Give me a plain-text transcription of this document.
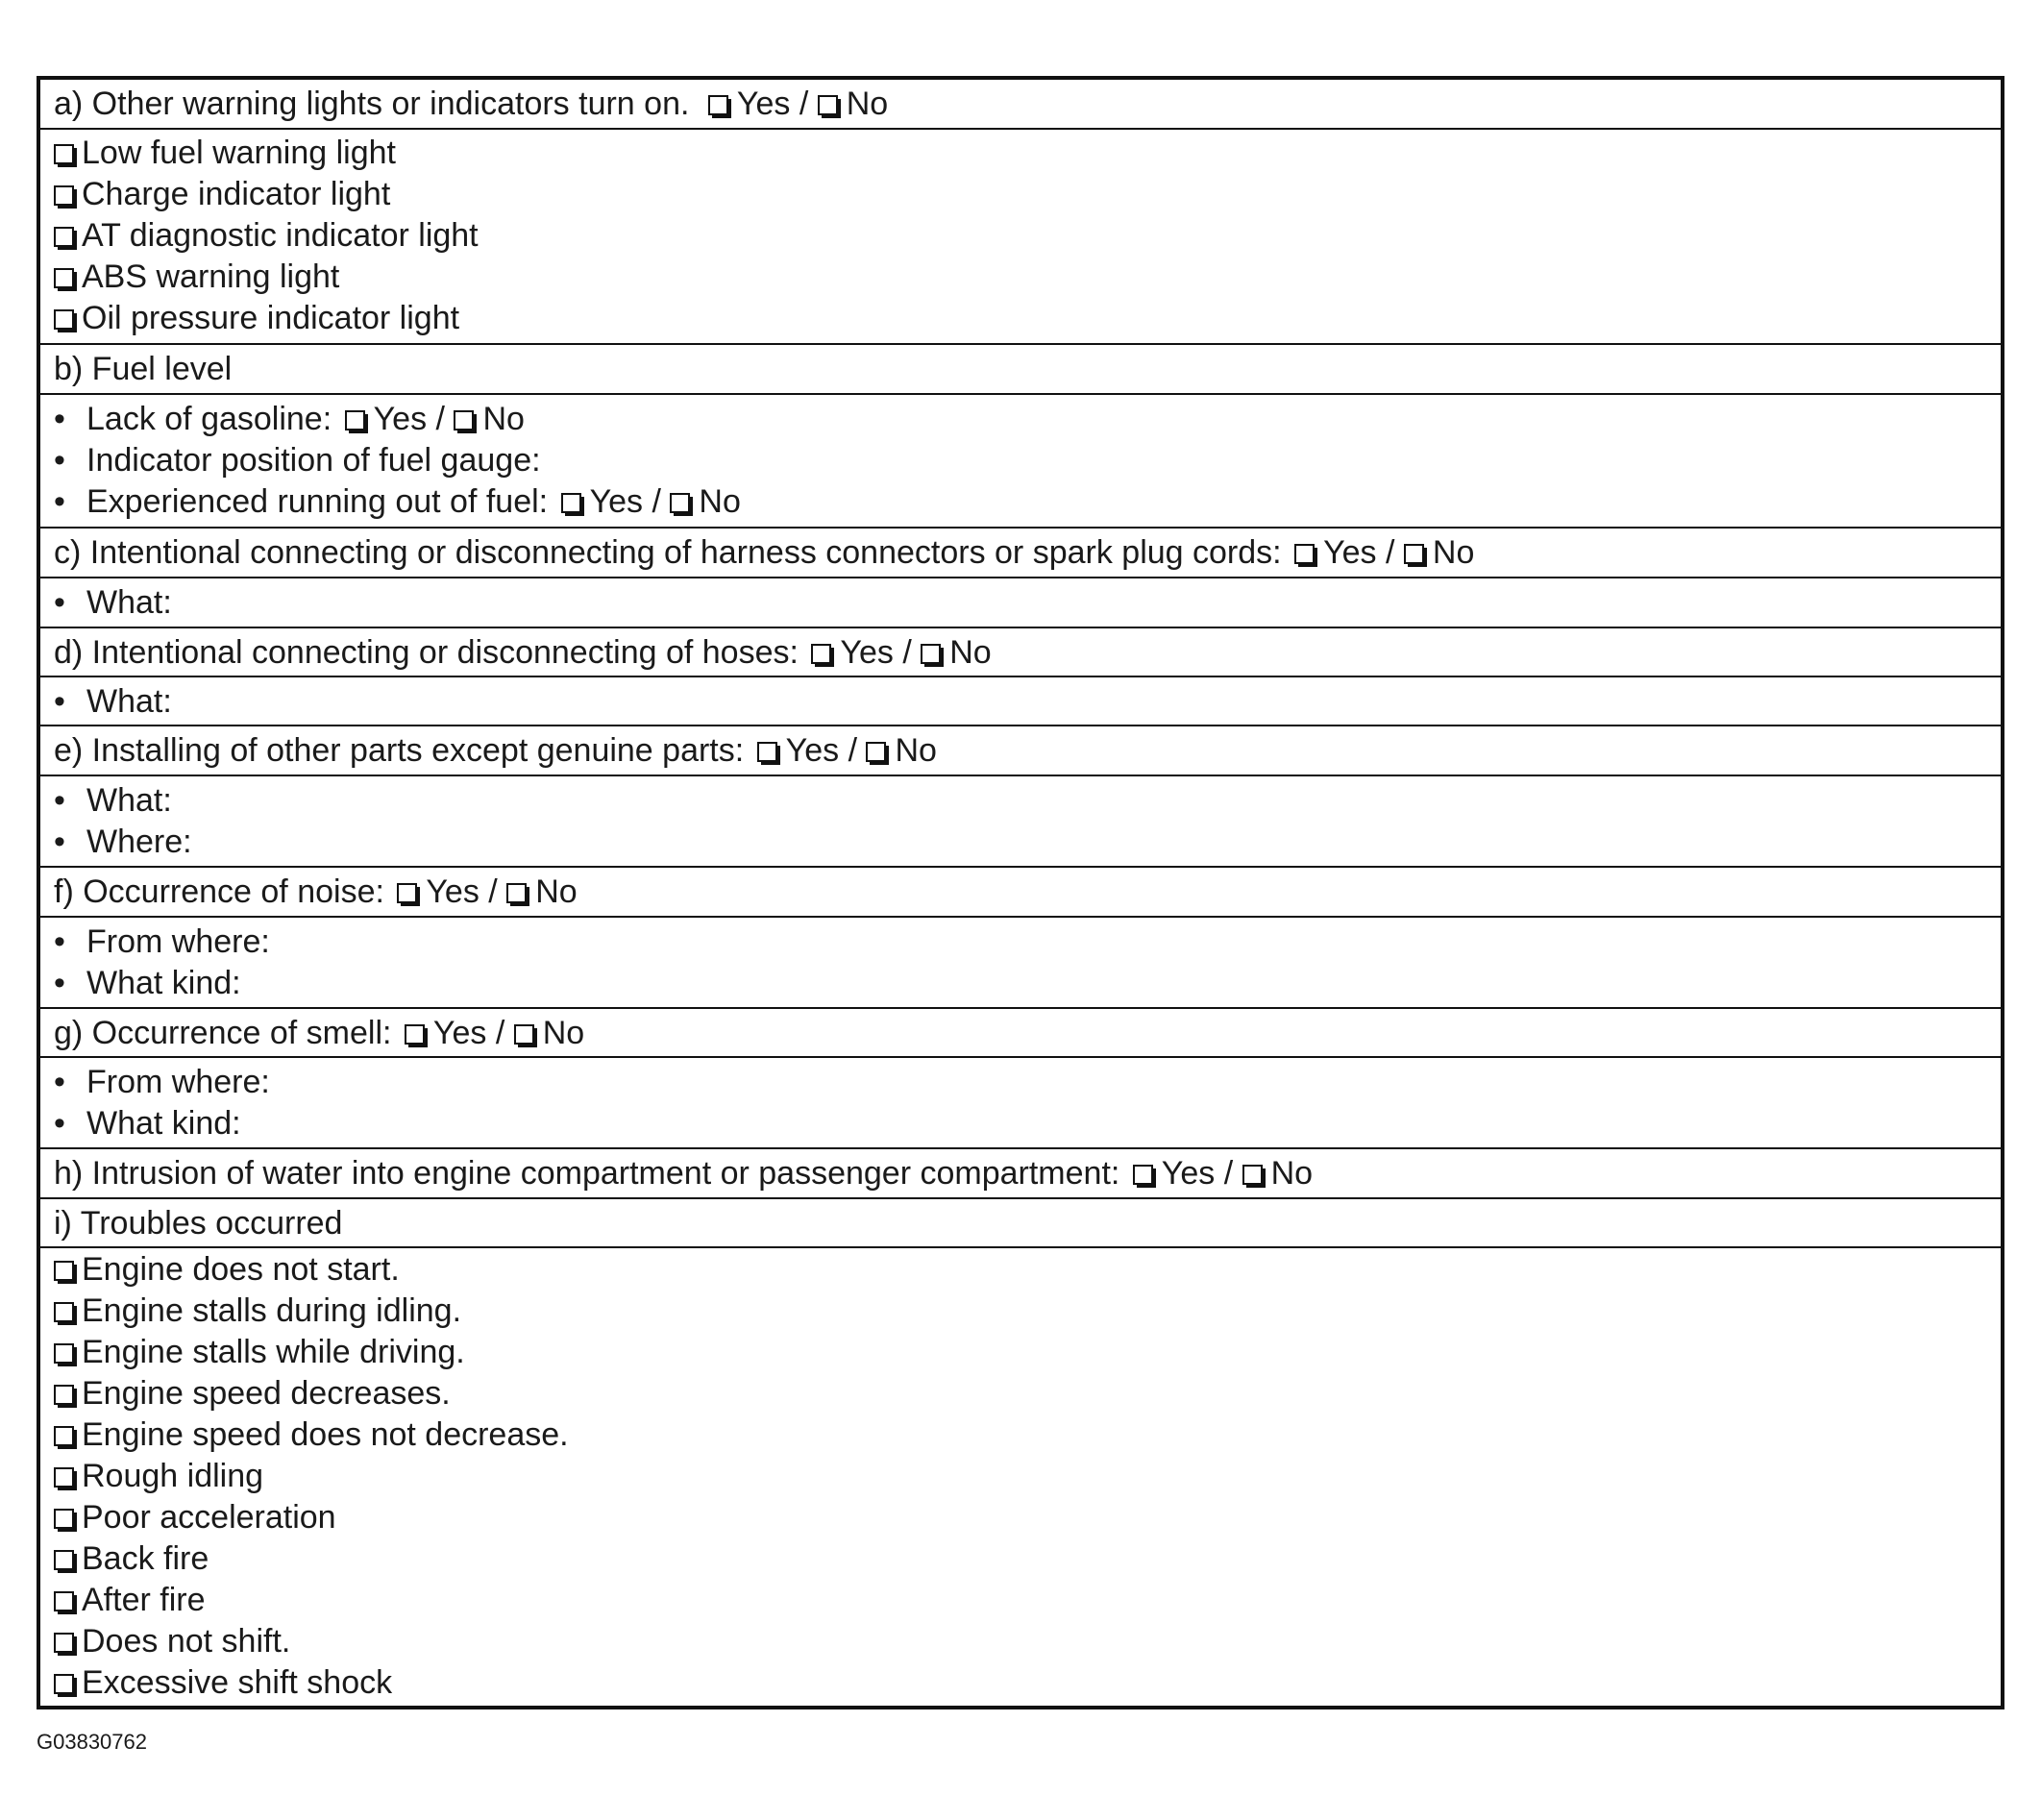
a) Other warning lights or indicators turn on. Yes / No
Low fuel warning light
Charge indicator light
AT diagnostic indicator light
ABS warning light
Oil pressure indicator light
b) Fuel level
• Lack of gasoline: Yes / No
• Indicator position of fuel gauge:
• Experienced running out of fuel: Yes / No
c) Intentional connecting or disconnecting of harness connectors or spark plug cords: Yes / No
• What:
d) Intentional connecting or disconnecting of hoses: Yes / No
• What:
e) Installing of other parts except genuine parts: Yes / No
• What:
• Where:
f) Occurrence of noise: Yes / No
• From where:
• What kind:
g) Occurrence of smell: Yes / No
• From where:
• What kind:
h) Intrusion of water into engine compartment or passenger compartment: Yes / No
i) Troubles occurred
Engine does not start.
Engine stalls during idling.
Engine stalls while driving.
Engine speed decreases.
Engine speed does not decrease.
Rough idling
Poor acceleration
Back fire
After fire
Does not shift.
Excessive shift shock
G03830762
